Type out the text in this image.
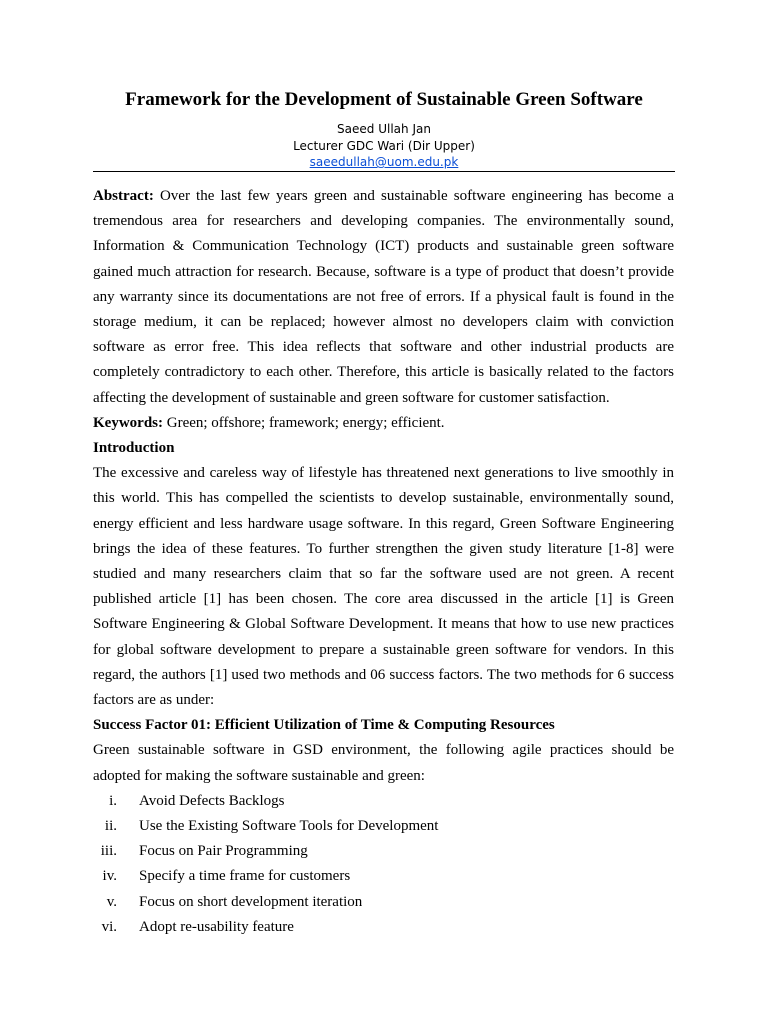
Framework for the Development of Sustainable Green Software
Saeed Ullah Jan
Lecturer GDC Wari (Dir Upper)
saeedullah@uom.edu.pk

Abstract: Over the last few years green and sustainable software engineering has become a tremendous area for researchers and developing companies. The environmentally sound, Information & Communication Technology (ICT) products and sustainable green software gained much attraction for research. Because, software is a type of product that doesn’t provide any warranty since its documentations are not free of errors. If a physical fault is found in the storage medium, it can be replaced; however almost no developers claim with conviction software as error free. This idea reflects that software and other industrial products are completely contradictory to each other. Therefore, this article is basically related to the factors affecting the development of sustainable and green software for customer satisfaction.

Keywords: Green; offshore; framework; energy; efficient.

Introduction

The excessive and careless way of lifestyle has threatened next generations to live smoothly in this world. This has compelled the scientists to develop sustainable, environmentally sound, energy efficient and less hardware usage software. In this regard, Green Software Engineering brings the idea of these features. To further strengthen the given study literature [1-8] were studied and many researchers claim that so far the software used are not green. A recent published article [1] has been chosen. The core area discussed in the article [1] is Green Software Engineering & Global Software Development. It means that how to use new practices for global software development to prepare a sustainable green software for vendors. In this regard, the authors [1] used two methods and 06 success factors. The two methods for 6 success factors are as under:

Success Factor 01: Efficient Utilization of Time & Computing Resources

Green sustainable software in GSD environment, the following agile practices should be adopted for making the software sustainable and green:

i. Avoid Defects Backlogs
ii. Use the Existing Software Tools for Development
iii. Focus on Pair Programming
iv. Specify a time frame for customers
v. Focus on short development iteration
vi. Adopt re-usability feature
